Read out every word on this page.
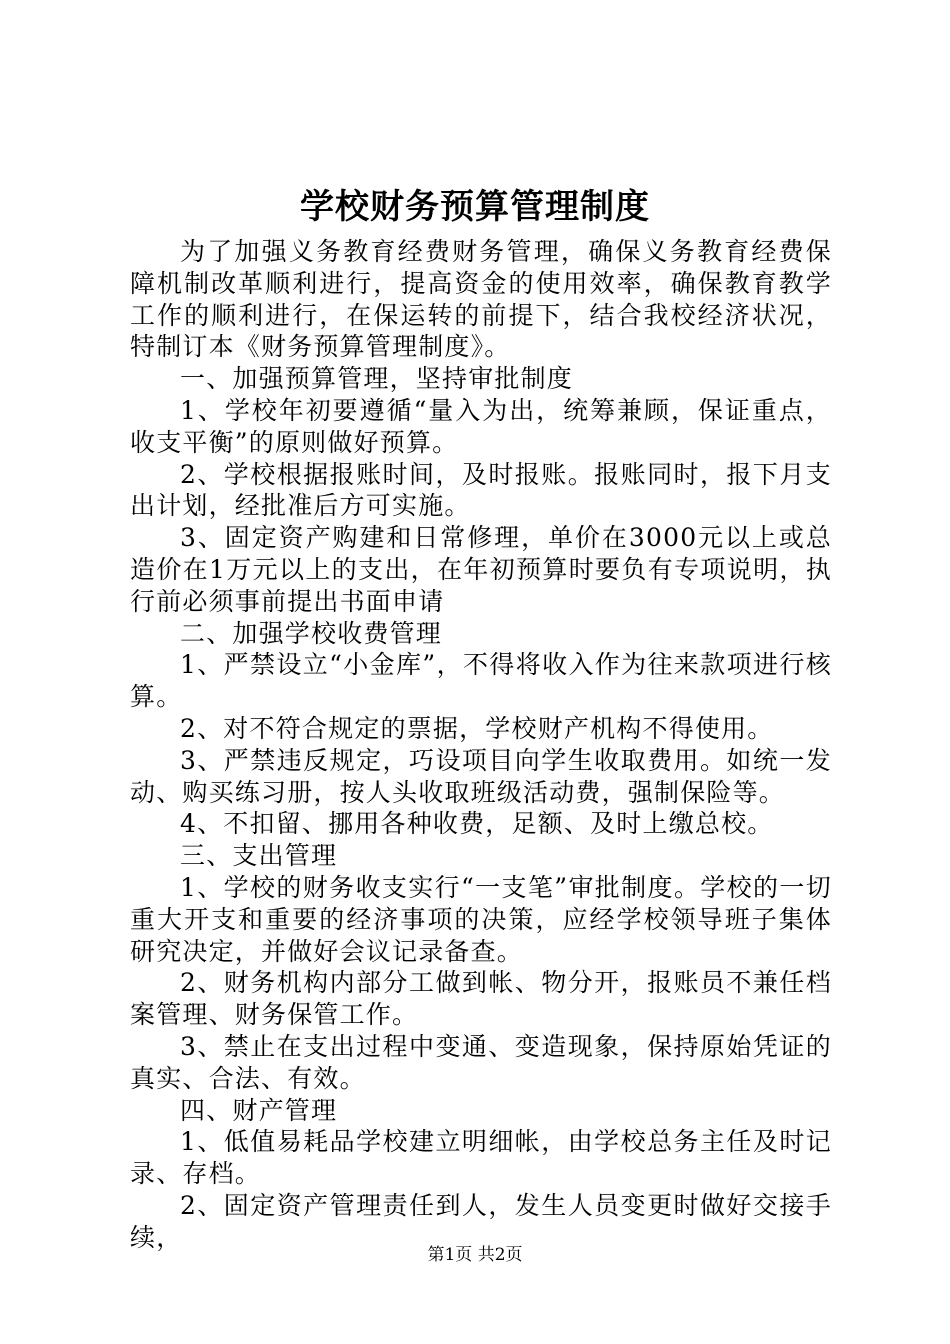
学校财务预算管理制度

为了加强义务教育经费财务管理，确保义务教育经费保障机制改革顺利进行，提高资金的使用效率，确保教育教学工作的顺利进行，在保运转的前提下，结合我校经济状况，特制订本《财务预算管理制度》。

一、加强预算管理，坚持审批制度

1、学校年初要遵循“量入为出，统筹兼顾，保证重点，收支平衡”的原则做好预算。

2、学校根据报账时间，及时报账。报账同时，报下月支出计划，经批准后方可实施。

3、固定资产购建和日常修理，单价在3000元以上或总造价在1万元以上的支出，在年初预算时要负有专项说明，执行前必须事前提出书面申请

二、加强学校收费管理

1、严禁设立“小金库”，不得将收入作为往来款项进行核算。

2、对不符合规定的票据，学校财产机构不得使用。

3、严禁违反规定，巧设项目向学生收取费用。如统一发动、购买练习册，按人头收取班级活动费，强制保险等。

4、不扣留、挪用各种收费，足额、及时上缴总校。

三、支出管理

1、学校的财务收支实行“一支笔”审批制度。学校的一切重大开支和重要的经济事项的决策，应经学校领导班子集体研究决定，并做好会议记录备查。

2、财务机构内部分工做到帐、物分开，报账员不兼任档案管理、财务保管工作。

3、禁止在支出过程中变通、变造现象，保持原始凭证的真实、合法、有效。

四、财产管理

1、低值易耗品学校建立明细帐，由学校总务主任及时记录、存档。

2、固定资产管理责任到人，发生人员变更时做好交接手续，

第1页 共2页
